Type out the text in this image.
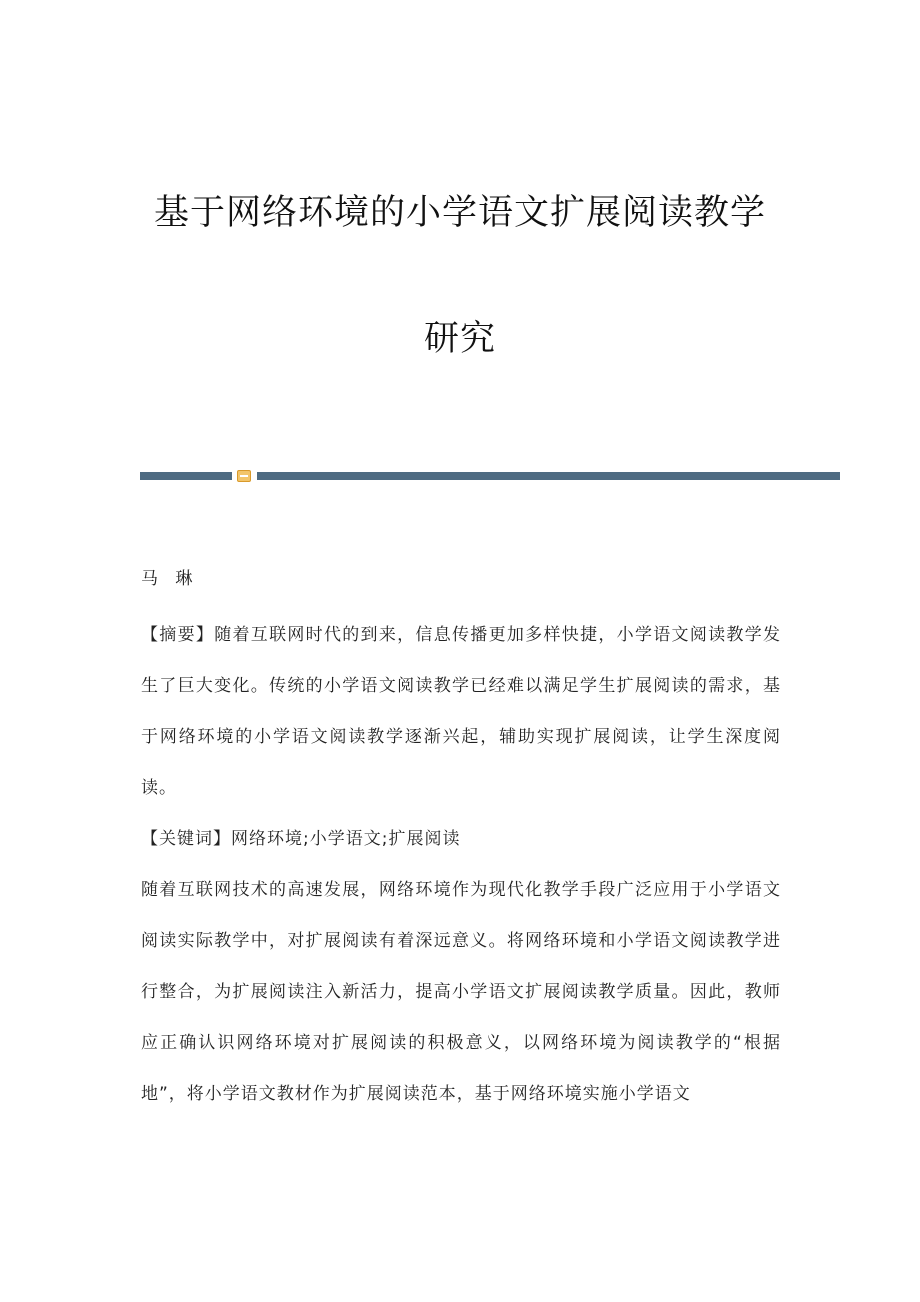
基于网络环境的小学语文扩展阅读教学

研究

马 琳

【摘要】随着互联网时代的到来，信息传播更加多样快捷，小学语文阅读教学发生了巨大变化。传统的小学语文阅读教学已经难以满足学生扩展阅读的需求，基于网络环境的小学语文阅读教学逐渐兴起，辅助实现扩展阅读，让学生深度阅读。

【关键词】网络环境;小学语文;扩展阅读

随着互联网技术的高速发展，网络环境作为现代化教学手段广泛应用于小学语文阅读实际教学中，对扩展阅读有着深远意义。将网络环境和小学语文阅读教学进行整合，为扩展阅读注入新活力，提高小学语文扩展阅读教学质量。因此，教师应正确认识网络环境对扩展阅读的积极意义，以网络环境为阅读教学的“根据地”，将小学语文教材作为扩展阅读范本，基于网络环境实施小学语文
